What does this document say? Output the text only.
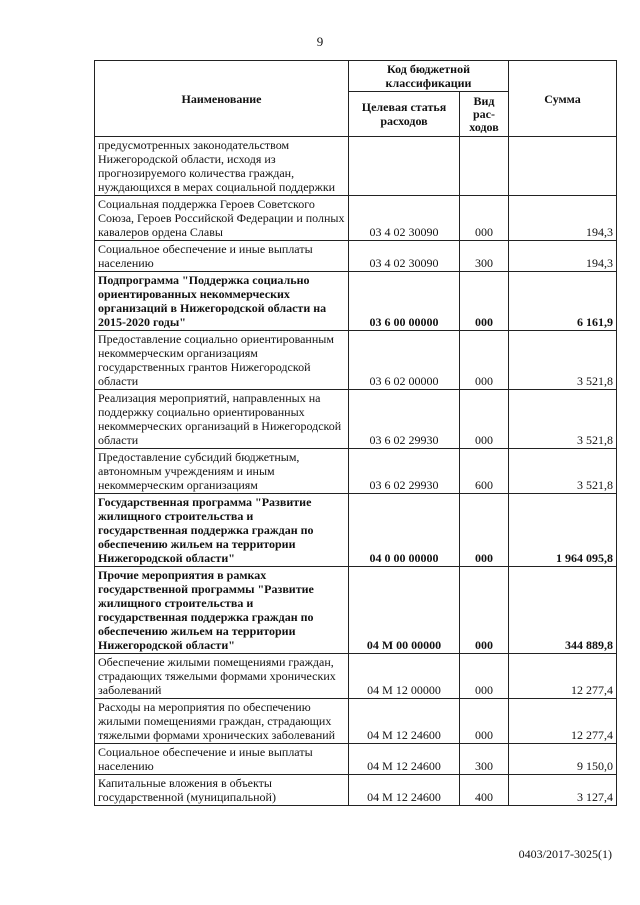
9
Наименование	Код бюджетной классификации		Сумма
	Целевая статья расходов	Вид рас-ходов	
предусмотренных законодательством Нижегородской области, исходя из прогнозируемого количества граждан, нуждающихся в мерах социальной поддержки			
Социальная поддержка Героев Советского Союза, Героев Российской Федерации и полных кавалеров ордена Славы	03 4 02 30090	000	194,3
Социальное обеспечение и иные выплаты населению	03 4 02 30090	300	194,3
Подпрограмма "Поддержка социально ориентированных некоммерческих организаций в Нижегородской области на 2015-2020 годы"	03 6 00 00000	000	6 161,9
Предоставление социально ориентированным некоммерческим организациям государственных грантов Нижегородской области	03 6 02 00000	000	3 521,8
Реализация мероприятий, направленных на поддержку социально ориентированных некоммерческих организаций в Нижегородской области	03 6 02 29930	000	3 521,8
Предоставление субсидий бюджетным, автономным учреждениям и иным некоммерческим организациям	03 6 02 29930	600	3 521,8
Государственная программа "Развитие жилищного строительства и государственная поддержка граждан по обеспечению жильем на территории Нижегородской области"	04 0 00 00000	000	1 964 095,8
Прочие мероприятия в рамках государственной программы "Развитие жилищного строительства и государственная поддержка граждан по обеспечению жильем на территории Нижегородской области"	04 М 00 00000	000	344 889,8
Обеспечение жилыми помещениями граждан, страдающих тяжелыми формами хронических заболеваний	04 М 12 00000	000	12 277,4
Расходы на мероприятия по обеспечению жилыми помещениями граждан, страдающих тяжелыми формами хронических заболеваний	04 М 12 24600	000	12 277,4
Социальное обеспечение и иные выплаты населению	04 М 12 24600	300	9 150,0
Капитальные вложения в объекты государственной (муниципальной)	04 М 12 24600	400	3 127,4
0403/2017-3025(1)
